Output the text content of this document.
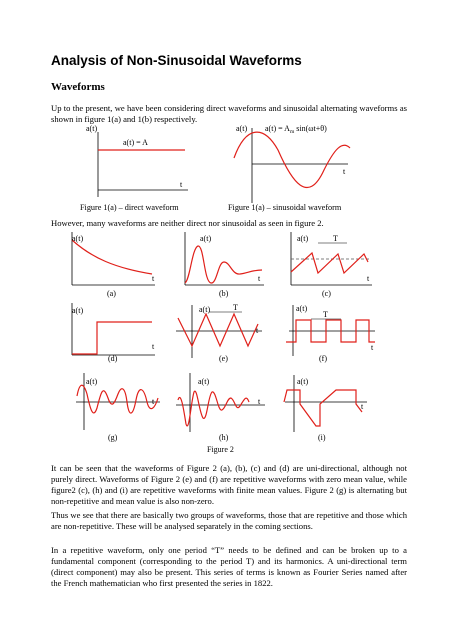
Analysis of Non-Sinusoidal Waveforms
Waveforms
Up to the present, we have been considering direct waveforms and sinusoidal alternating waveforms as shown in figure 1(a) and 1(b) respectively.
a(t)
a(t) = A
t
a(t) $a(t) = A_m$ sin(ωt+θ)
t
Figure 1(a) – direct waveform	Figure 1(a) – sinusoidal waveform
However, many waveforms are neither direct nor sinusoidal as seen in figure 2.
a(t)
t
(a)
a(t)
t
(b)
a(t)	T
t
(c)
a(t)
t
(d)
a(t)	T
t
(e)
a(t)
T
t
(f)
a(t)
t
(g)
a(t)
t
(h)
Figure 2
a(t)
t
(i)
It can be seen that the waveforms of Figure 2 (a), (b), (c) and (d) are uni-directional, although not purely direct. Waveforms of Figure 2 (e) and (f) are repetitive waveforms with zero mean value, while figure2 (c), (h) and (i) are repetitive waveforms with finite mean values. Figure 2 (g) is alternating but non-repetitive and mean value is also non-zero.
Thus we see that there are basically two groups of waveforms, those that are repetitive and those which are non-repetitive. These will be analysed separately in the coming sections.
In a repetitive waveform, only one period “T” needs to be defined and can be broken up to a fundamental component (corresponding to the period T) and its harmonics. A uni-directional term (direct component) may also be present. This series of terms is known as Fourier Series named after the French mathematician who first presented the series in 1822.
